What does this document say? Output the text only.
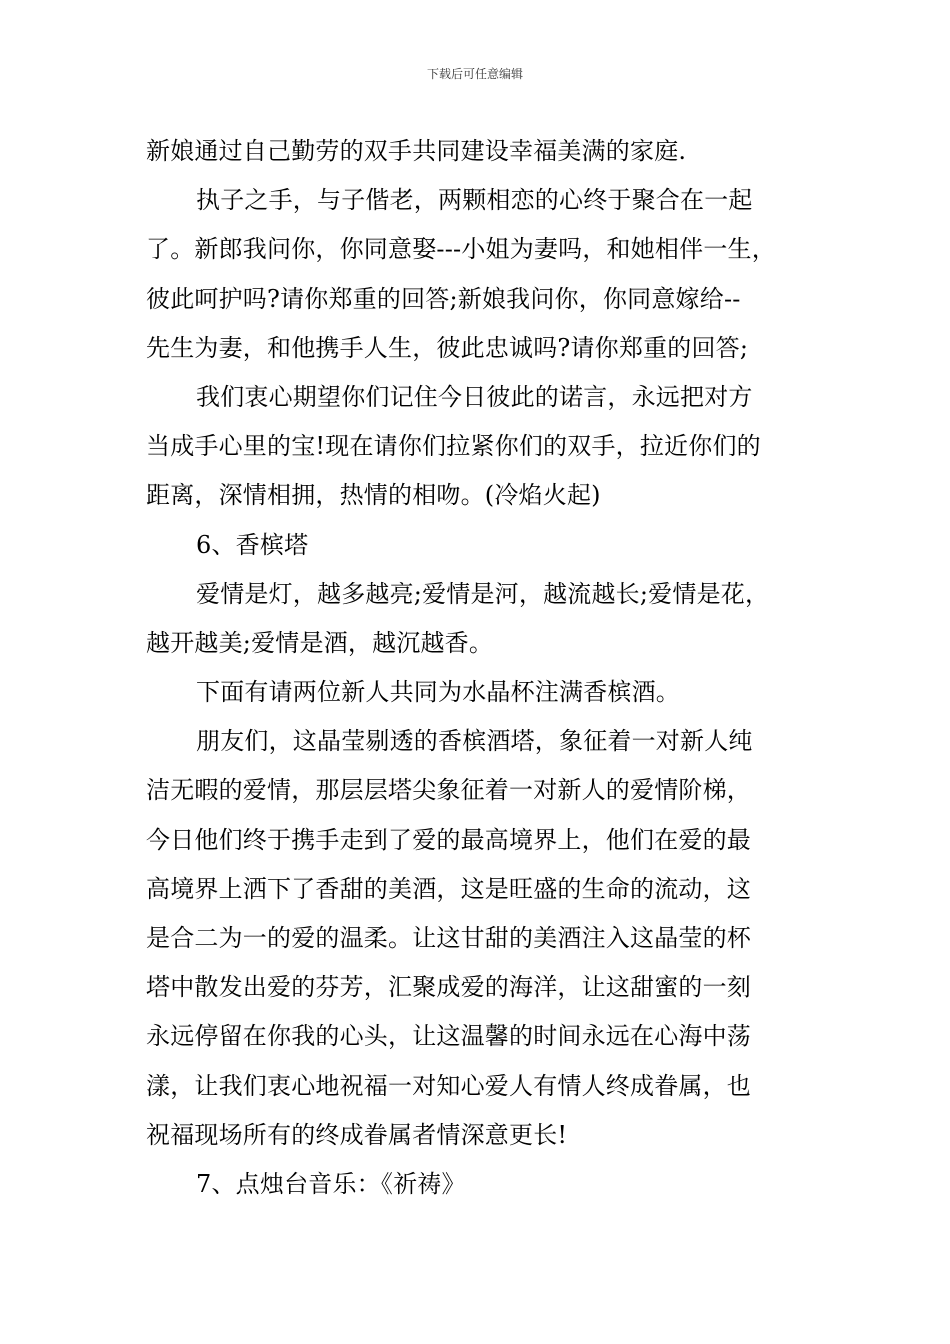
下载后可任意编辑
新娘通过自己勤劳的双手共同建设幸福美满的家庭.
执子之手，与子偕老，两颗相恋的心终于聚合在一起
了。新郎我问你，你同意娶---小姐为妻吗，和她相伴一生，
彼此呵护吗?请你郑重的回答;新娘我问你，你同意嫁给--
先生为妻，和他携手人生，彼此忠诚吗?请你郑重的回答;
我们衷心期望你们记住今日彼此的诺言，永远把对方
当成手心里的宝!现在请你们拉紧你们的双手，拉近你们的
距离，深情相拥，热情的相吻。(冷焰火起)
6、香槟塔
爱情是灯，越多越亮;爱情是河，越流越长;爱情是花，
越开越美;爱情是酒，越沉越香。
下面有请两位新人共同为水晶杯注满香槟酒。
朋友们，这晶莹剔透的香槟酒塔，象征着一对新人纯
洁无暇的爱情，那层层塔尖象征着一对新人的爱情阶梯，
今日他们终于携手走到了爱的最高境界上，他们在爱的最
高境界上洒下了香甜的美酒，这是旺盛的生命的流动，这
是合二为一的爱的温柔。让这甘甜的美酒注入这晶莹的杯
塔中散发出爱的芬芳，汇聚成爱的海洋，让这甜蜜的一刻
永远停留在你我的心头，让这温馨的时间永远在心海中荡
漾，让我们衷心地祝福一对知心爱人有情人终成眷属，也
祝福现场所有的终成眷属者情深意更长!
7、点烛台音乐：《祈祷》
